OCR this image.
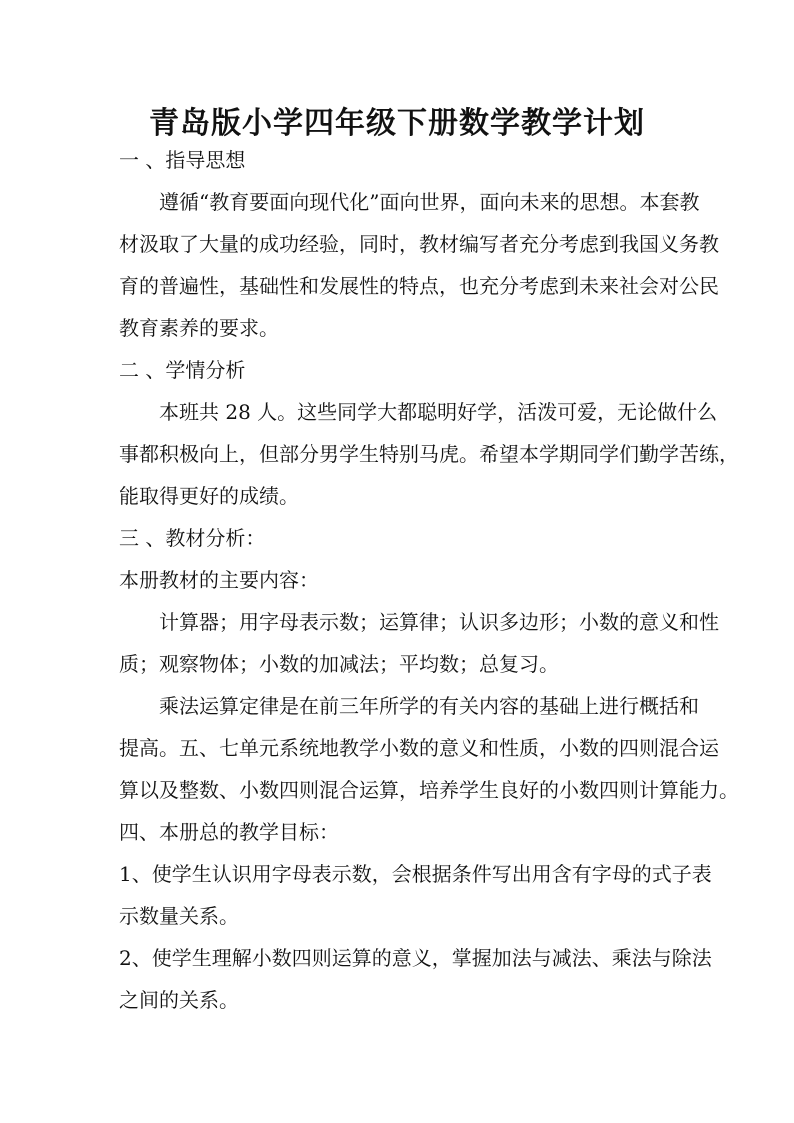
青岛版小学四年级下册数学教学计划
一 、指导思想
遵循“教育要面向现代化”面向世界，面向未来的思想。本套教
材汲取了大量的成功经验，同时，教材编写者充分考虑到我国义务教
育的普遍性，基础性和发展性的特点，也充分考虑到未来社会对公民
教育素养的要求。
二 、学情分析
本班共 28 人。这些同学大都聪明好学，活泼可爱，无论做什么
事都积极向上，但部分男学生特别马虎。希望本学期同学们勤学苦练，
能取得更好的成绩。
三 、教材分析：
本册教材的主要内容：
计算器；用字母表示数；运算律；认识多边形；小数的意义和性
质；观察物体；小数的加减法；平均数；总复习。
乘法运算定律是在前三年所学的有关内容的基础上进行概括和
提高。五、七单元系统地教学小数的意义和性质，小数的四则混合运
算以及整数、小数四则混合运算，培养学生良好的小数四则计算能力。
四、本册总的教学目标：
1、使学生认识用字母表示数，会根据条件写出用含有字母的式子表
示数量关系。
2、使学生理解小数四则运算的意义，掌握加法与减法、乘法与除法
之间的关系。
